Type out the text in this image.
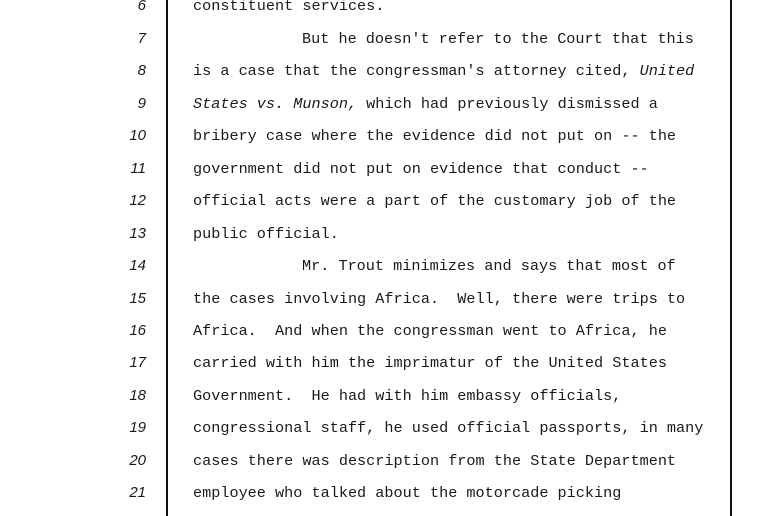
6	constituent services.
7	But he doesn't refer to the Court that this
8	is a case that the congressman's attorney cited, United
9	States vs. Munson, which had previously dismissed a
10	bribery case where the evidence did not put on -- the
11	government did not put on evidence that conduct --
12	official acts were a part of the customary job of the
13	public official.
14	Mr. Trout minimizes and says that most of
15	the cases involving Africa.  Well, there were trips to
16	Africa.  And when the congressman went to Africa, he
17	carried with him the imprimatur of the United States
18	Government.  He had with him embassy officials,
19	congressional staff, he used official passports, in many
20	cases there was description from the State Department
21	employee who talked about the motorcade picking
